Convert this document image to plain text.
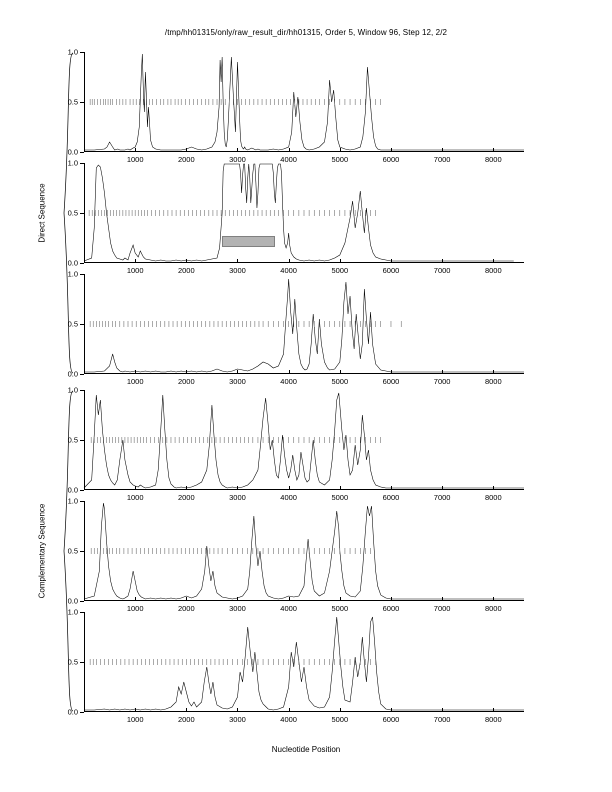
/tmp/hh01315/only/raw_result_dir/hh01315, Order 5, Window 96, Step 12, 2/2
0.0
0.5
1.0
1000	2000	3000	4000	5000	6000	7000	8000
0.0
0.5
1.0
1000	2000	3000	4000	5000	6000	7000	8000
0.0
0.5
1.0
1000	2000	3000	4000	5000	6000	7000	8000
0.0
0.5
1.0
1000	2000	3000	4000	5000	6000	7000	8000
0.0
0.5
1.0
1000	2000	3000	4000	5000	6000	7000	8000
0.0
0.5
1.0
1000	2000	3000	4000	5000	6000	7000	8000
Nucleotide Position
Direct Sequence
Complementary Sequence
